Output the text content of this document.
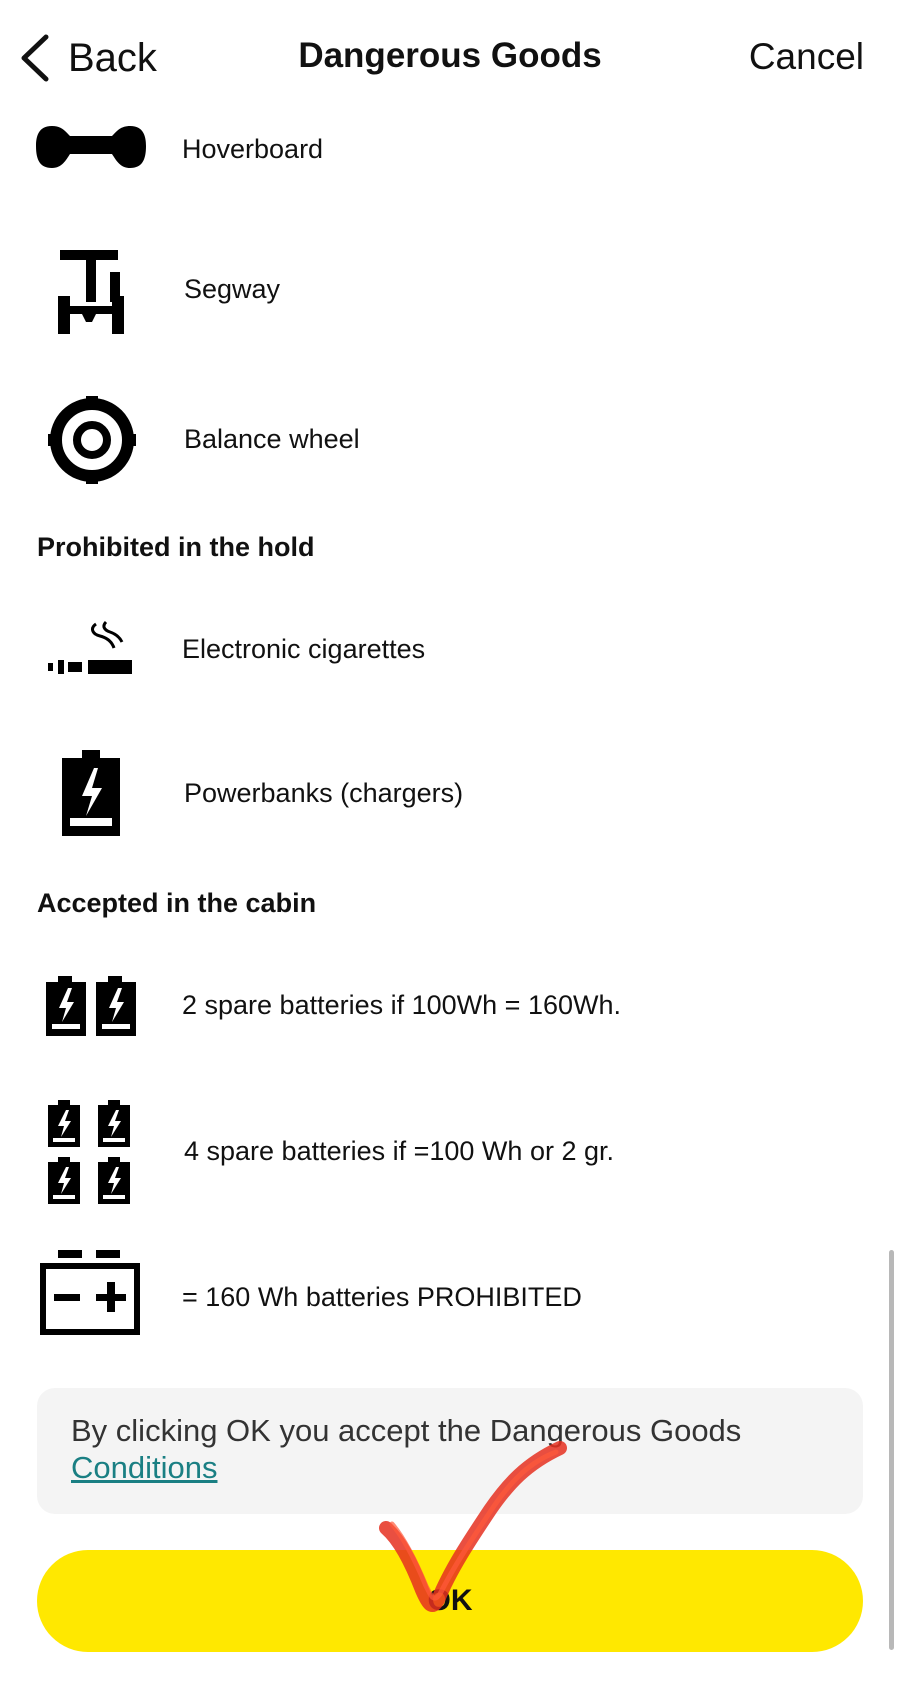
Back	Dangerous Goods	Cancel
Hoverboard
Segway
Balance wheel
Prohibited in the hold
Electronic cigarettes
Powerbanks (chargers)
Accepted in the cabin
2 spare batteries if 100Wh = 160Wh.
4 spare batteries if =100 Wh or 2 gr.
= 160 Wh batteries PROHIBITED
By clicking OK you accept the Dangerous Goods
Conditions
OK
